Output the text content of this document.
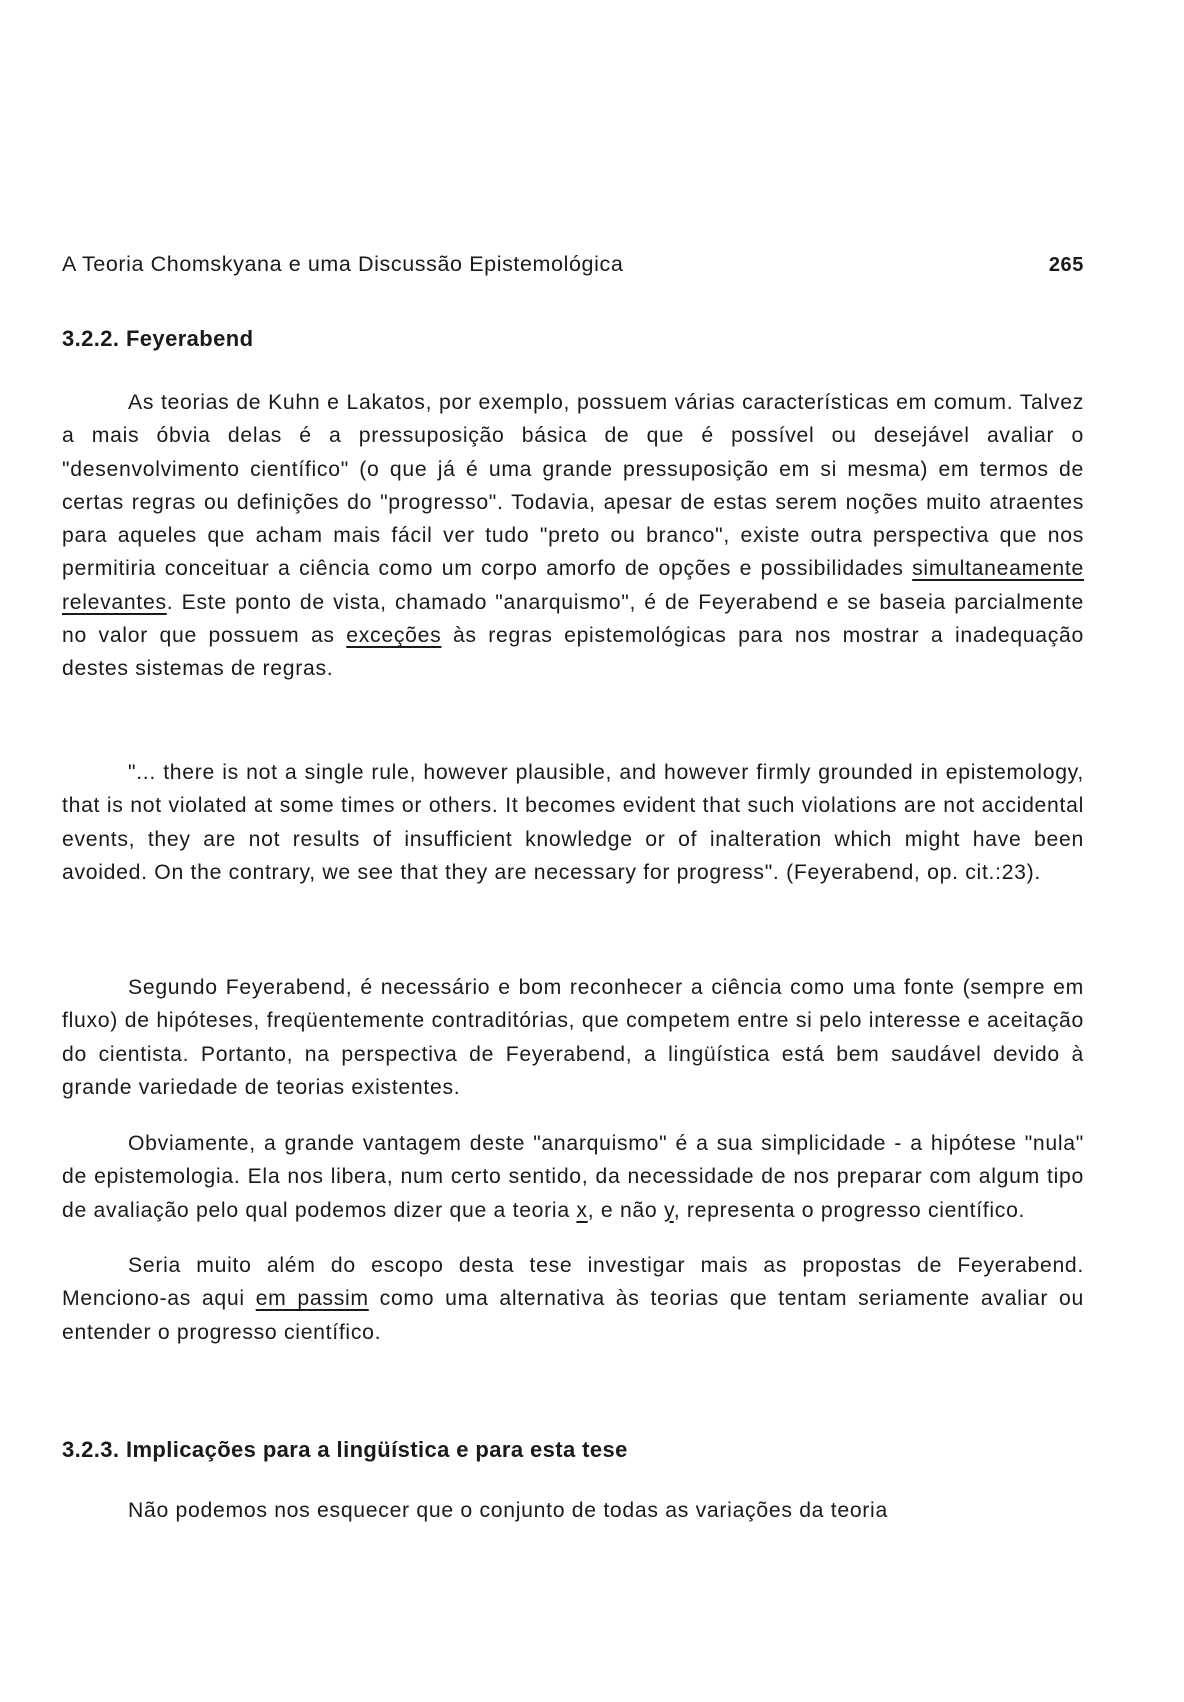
A Teoria Chomskyana e uma Discussão Epistemológica	265
3.2.2. Feyerabend

As teorias de Kuhn e Lakatos, por exemplo, possuem várias características em comum. Talvez a mais óbvia delas é a pressuposição básica de que é possível ou desejável avaliar o "desenvolvimento científico" (o que já é uma grande pressuposição em si mesma) em termos de certas regras ou definições do "progresso". Todavia, apesar de estas serem noções muito atraentes para aqueles que acham mais fácil ver tudo "preto ou branco", existe outra perspectiva que nos permitiria conceituar a ciência como um corpo amorfo de opções e possibilidades simultaneamente relevantes. Este ponto de vista, chamado "anarquismo", é de Feyerabend e se baseia parcialmente no valor que possuem as exceções às regras epistemológicas para nos mostrar a inadequação destes sistemas de regras.

"... there is not a single rule, however plausible, and however firmly grounded in epistemology, that is not violated at some times or others. It becomes evident that such violations are not accidental events, they are not results of insufficient knowledge or of inalteration which might have been avoided. On the contrary, we see that they are necessary for progress". (Feyerabend, op. cit.:23).

Segundo Feyerabend, é necessário e bom reconhecer a ciência como uma fonte (sempre em fluxo) de hipóteses, freqüentemente contraditórias, que competem entre si pelo interesse e aceitação do cientista. Portanto, na perspectiva de Feyerabend, a lingüística está bem saudável devido à grande variedade de teorias existentes.

Obviamente, a grande vantagem deste "anarquismo" é a sua simplicidade - a hipótese "nula" de epistemologia. Ela nos libera, num certo sentido, da necessidade de nos preparar com algum tipo de avaliação pelo qual podemos dizer que a teoria x, e não y, representa o progresso científico.

Seria muito além do escopo desta tese investigar mais as propostas de Feyerabend. Menciono-as aqui em passim como uma alternativa às teorias que tentam seriamente avaliar ou entender o progresso científico.

3.2.3. Implicações para a lingüística e para esta tese

Não podemos nos esquecer que o conjunto de todas as variações da teoria
